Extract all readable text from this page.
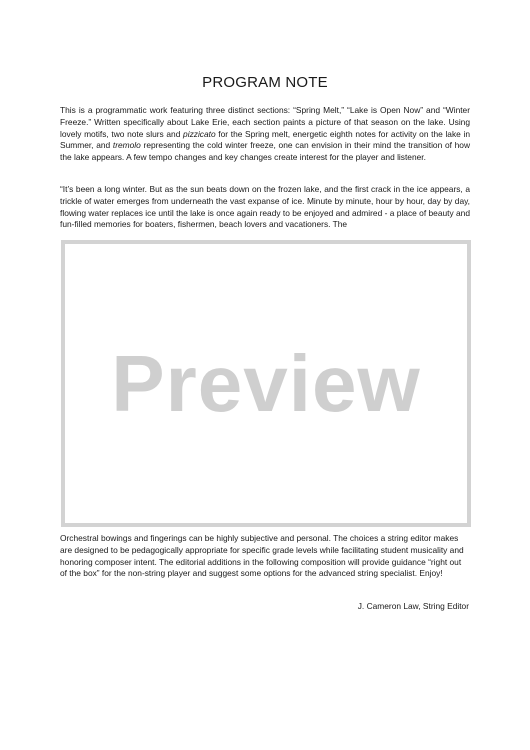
PROGRAM NOTE

This is a programmatic work featuring three distinct sections: “Spring Melt,” “Lake is Open Now” and “Winter Freeze.” Written specifically about Lake Erie, each section paints a picture of that season on the lake. Using lovely motifs, two note slurs and pizzicato for the Spring melt, energetic eighth notes for activity on the lake in Summer, and tremolo representing the cold winter freeze, one can envision in their mind the transition of how the lake appears. A few tempo changes and key changes create interest for the player and listener.

“It’s been a long winter. But as the sun beats down on the frozen lake, and the first crack in the ice appears, a trickle of water emerges from underneath the vast expanse of ice. Minute by minute, hour by hour, day by day, flowing water replaces ice until the lake is once again ready to be enjoyed and admired - a place of beauty and fun-filled memories for boaters, fishermen, beach lovers and vacationers. The

Preview

Orchestral bowings and fingerings can be highly subjective and personal. The choices a string editor makes are designed to be pedagogically appropriate for specific grade levels while facilitating student musicality and honoring composer intent. The editorial additions in the following composition will provide guidance “right out of the box” for the non-string player and suggest some options for the advanced string specialist. Enjoy!

J. Cameron Law, String Editor
